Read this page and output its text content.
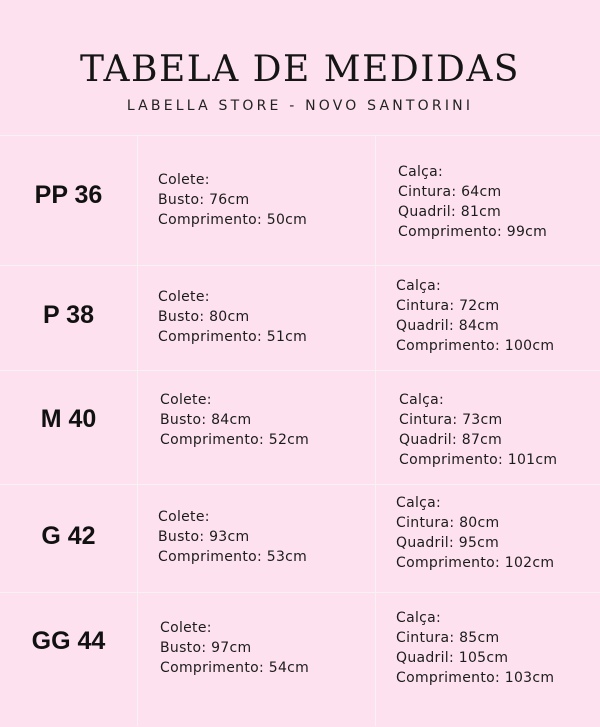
TABELA DE MEDIDAS
LABELLA STORE - NOVO SANTORINI
PP 36
Colete:
Busto: 76cm
Comprimento: 50cm
Calça:
Cintura: 64cm
Quadril: 81cm
Comprimento: 99cm
P 38
Colete:
Busto: 80cm
Comprimento: 51cm
Calça:
Cintura: 72cm
Quadril: 84cm
Comprimento: 100cm
M 40
Colete:
Busto: 84cm
Comprimento: 52cm
Calça:
Cintura: 73cm
Quadril: 87cm
Comprimento: 101cm
G 42
Colete:
Busto: 93cm
Comprimento: 53cm
Calça:
Cintura: 80cm
Quadril: 95cm
Comprimento: 102cm
GG 44	Colete:
Busto: 97cm
Comprimento: 54cm
Calça:
Cintura: 85cm
Quadril: 105cm
Comprimento: 103cm
